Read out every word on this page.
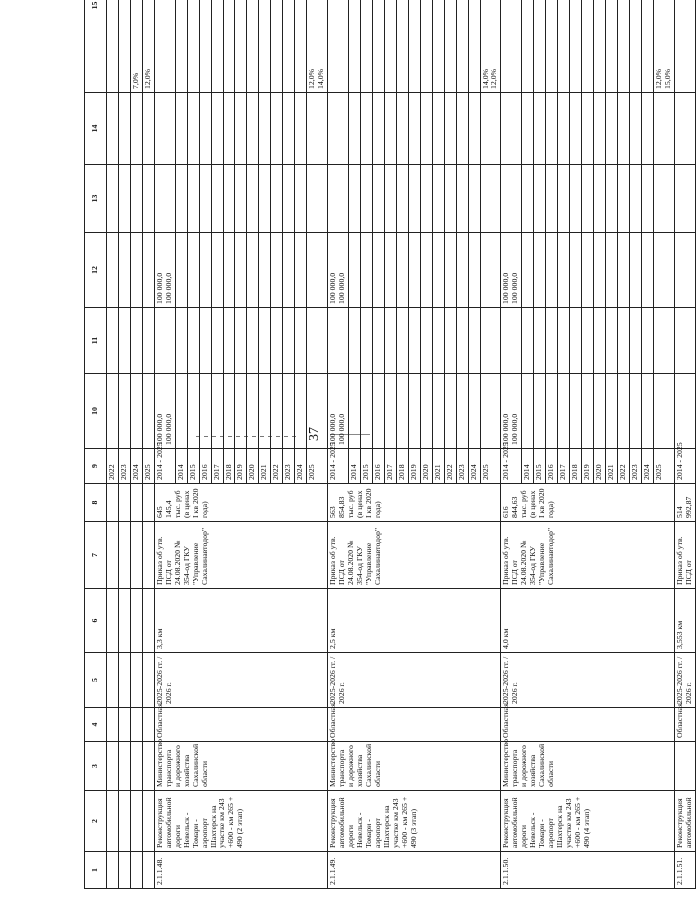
37
1	2	3	4	5	6	7	8	9	10	11	12	13	14	15
								2022						
								2023						
								2024						7,0%
								2025						12,0%
2.1.1.48.	Реконструкция автомобильной дороги Невельск - Томари - аэропорт Шахтерск на участке км 243 +600 - км 265 + 490 (2 этап)	Министерство транспорта и дорожного хозяйства Сахалинской области	Областная	2025-2026 гг. / 2026 г.	3,3 км	Приказ об утв. ПСД от 24.08.2020 № 354-од ГКУ "Управление Сахалинавтодор"	645 145,4 тыс. руб (в ценах I кв 2020 года)	2014 - 2025	100 000,0 100 000,0		100 000,0 100 000,0			

								2014						
								2015						
								2016						
								2017						
								2018						
								2019						
								2020						
								2021						
								2022						
								2023						
								2024						
								2025						12,0% 14,0%

2.1.1.49.	Реконструкция автомобильной дороги Невельск - Томари - аэропорт Шахтерск на участке км 243 +600 - км 265 + 490 (3 этап)	Министерство транспорта и дорожного хозяйства Сахалинской области	Областная	2025-2026 гг. / 2026 г.	2,5 км	Приказ об утв. ПСД от 24.08.2020 № 354-од ГКУ "Управление Сахалинавтодор"	563 854,83 тыс. руб (в ценах I кв 2020 года)	2014 - 2025	100 000,0 100 000,0		100 000,0 100 000,0			

								2014						
								2015						
								2016						
								2017						
								2018						
								2019						
								2020						
								2021						
								2022						
								2023						
								2024						
								2025						14,0% 12,0%

2.1.1.50.	Реконструкция автомобильной дороги Невельск - Томари - аэропорт Шахтерск на участке км 243 +600 - км 265 + 490 (4 этап)	Министерство транспорта и дорожного хозяйства Сахалинской области	Областная	2025-2026 гг. / 2026 г.	4,0 км	Приказ об утв. ПСД от 24.08.2020 № 354-од ГКУ "Управление Сахалинавтодор"	616 844,63 тыс. руб (в ценах I кв 2020 года)	2014 - 2025	100 000,0 100 000,0		100 000,0 100 000,0			

								2014						
								2015						
								2016						
								2017						
								2018						
								2019						
								2020						
								2021						
								2022						
								2023						
								2024						
								2025						12,0% 15,0%

2.1.1.51.	Реконструкция автомобильной		Областная	2025-2026 гг. / 2026 г.	3,553 км	Приказ об утв. ПСД от	514 992,87	2014 - 2025						
